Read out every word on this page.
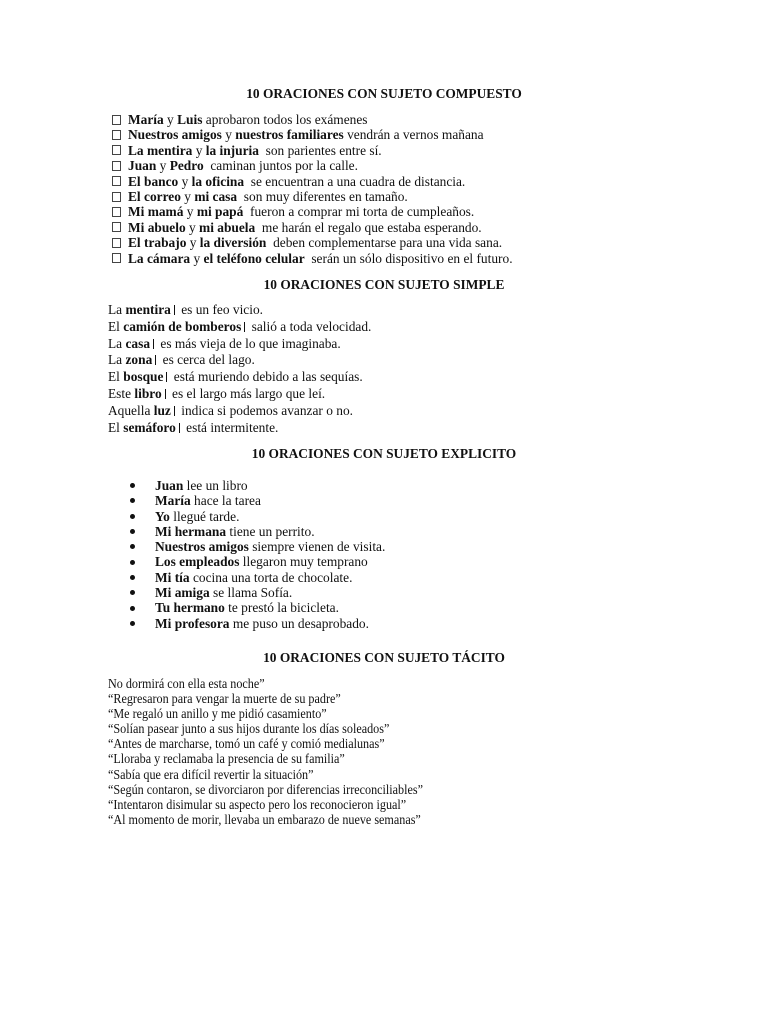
10 ORACIONES CON SUJETO COMPUESTO
María y Luis aprobaron todos los exámenes
Nuestros amigos y nuestros familiares vendrán a vernos mañana
La mentira y la injuria son parientes entre sí.
Juan y Pedro caminan juntos por la calle.
El banco y la oficina se encuentran a una cuadra de distancia.
El correo y mi casa son muy diferentes en tamaño.
Mi mamá y mi papá fueron a comprar mi torta de cumpleaños.
Mi abuelo y mi abuela me harán el regalo que estaba esperando.
El trabajo y la diversión deben complementarse para una vida sana.
La cámara y el teléfono celular serán un sólo dispositivo en el futuro.
10 ORACIONES CON SUJETO SIMPLE
La mentira es un feo vicio.
El camión de bomberos salió a toda velocidad.
La casa es más vieja de lo que imaginaba.
La zona es cerca del lago.
El bosque está muriendo debido a las sequías.
Este libro es el largo más largo que leí.
Aquella luz indica si podemos avanzar o no.
El semáforo está intermitente.
10 ORACIONES CON SUJETO EXPLICITO
Juan lee un libro
María hace la tarea
Yo llegué tarde.
Mi hermana tiene un perrito.
Nuestros amigos siempre vienen de visita.
Los empleados llegaron muy temprano
Mi tía cocina una torta de chocolate.
Mi amiga se llama Sofía.
Tu hermano te prestó la bicicleta.
Mi profesora me puso un desaprobado.
10 ORACIONES CON SUJETO TÁCITO
No dormirá con ella esta noche”
“Regresaron para vengar la muerte de su padre”
“Me regaló un anillo y me pidió casamiento”
“Solían pasear junto a sus hijos durante los días soleados”
“Antes de marcharse, tomó un café y comió medialunas”
“Lloraba y reclamaba la presencia de su familia”
“Sabía que era difícil revertir la situación”
“Según contaron, se divorciaron por diferencias irreconciliables”
“Intentaron disimular su aspecto pero los reconocieron igual”
“Al momento de morir, llevaba un embarazo de nueve semanas”
